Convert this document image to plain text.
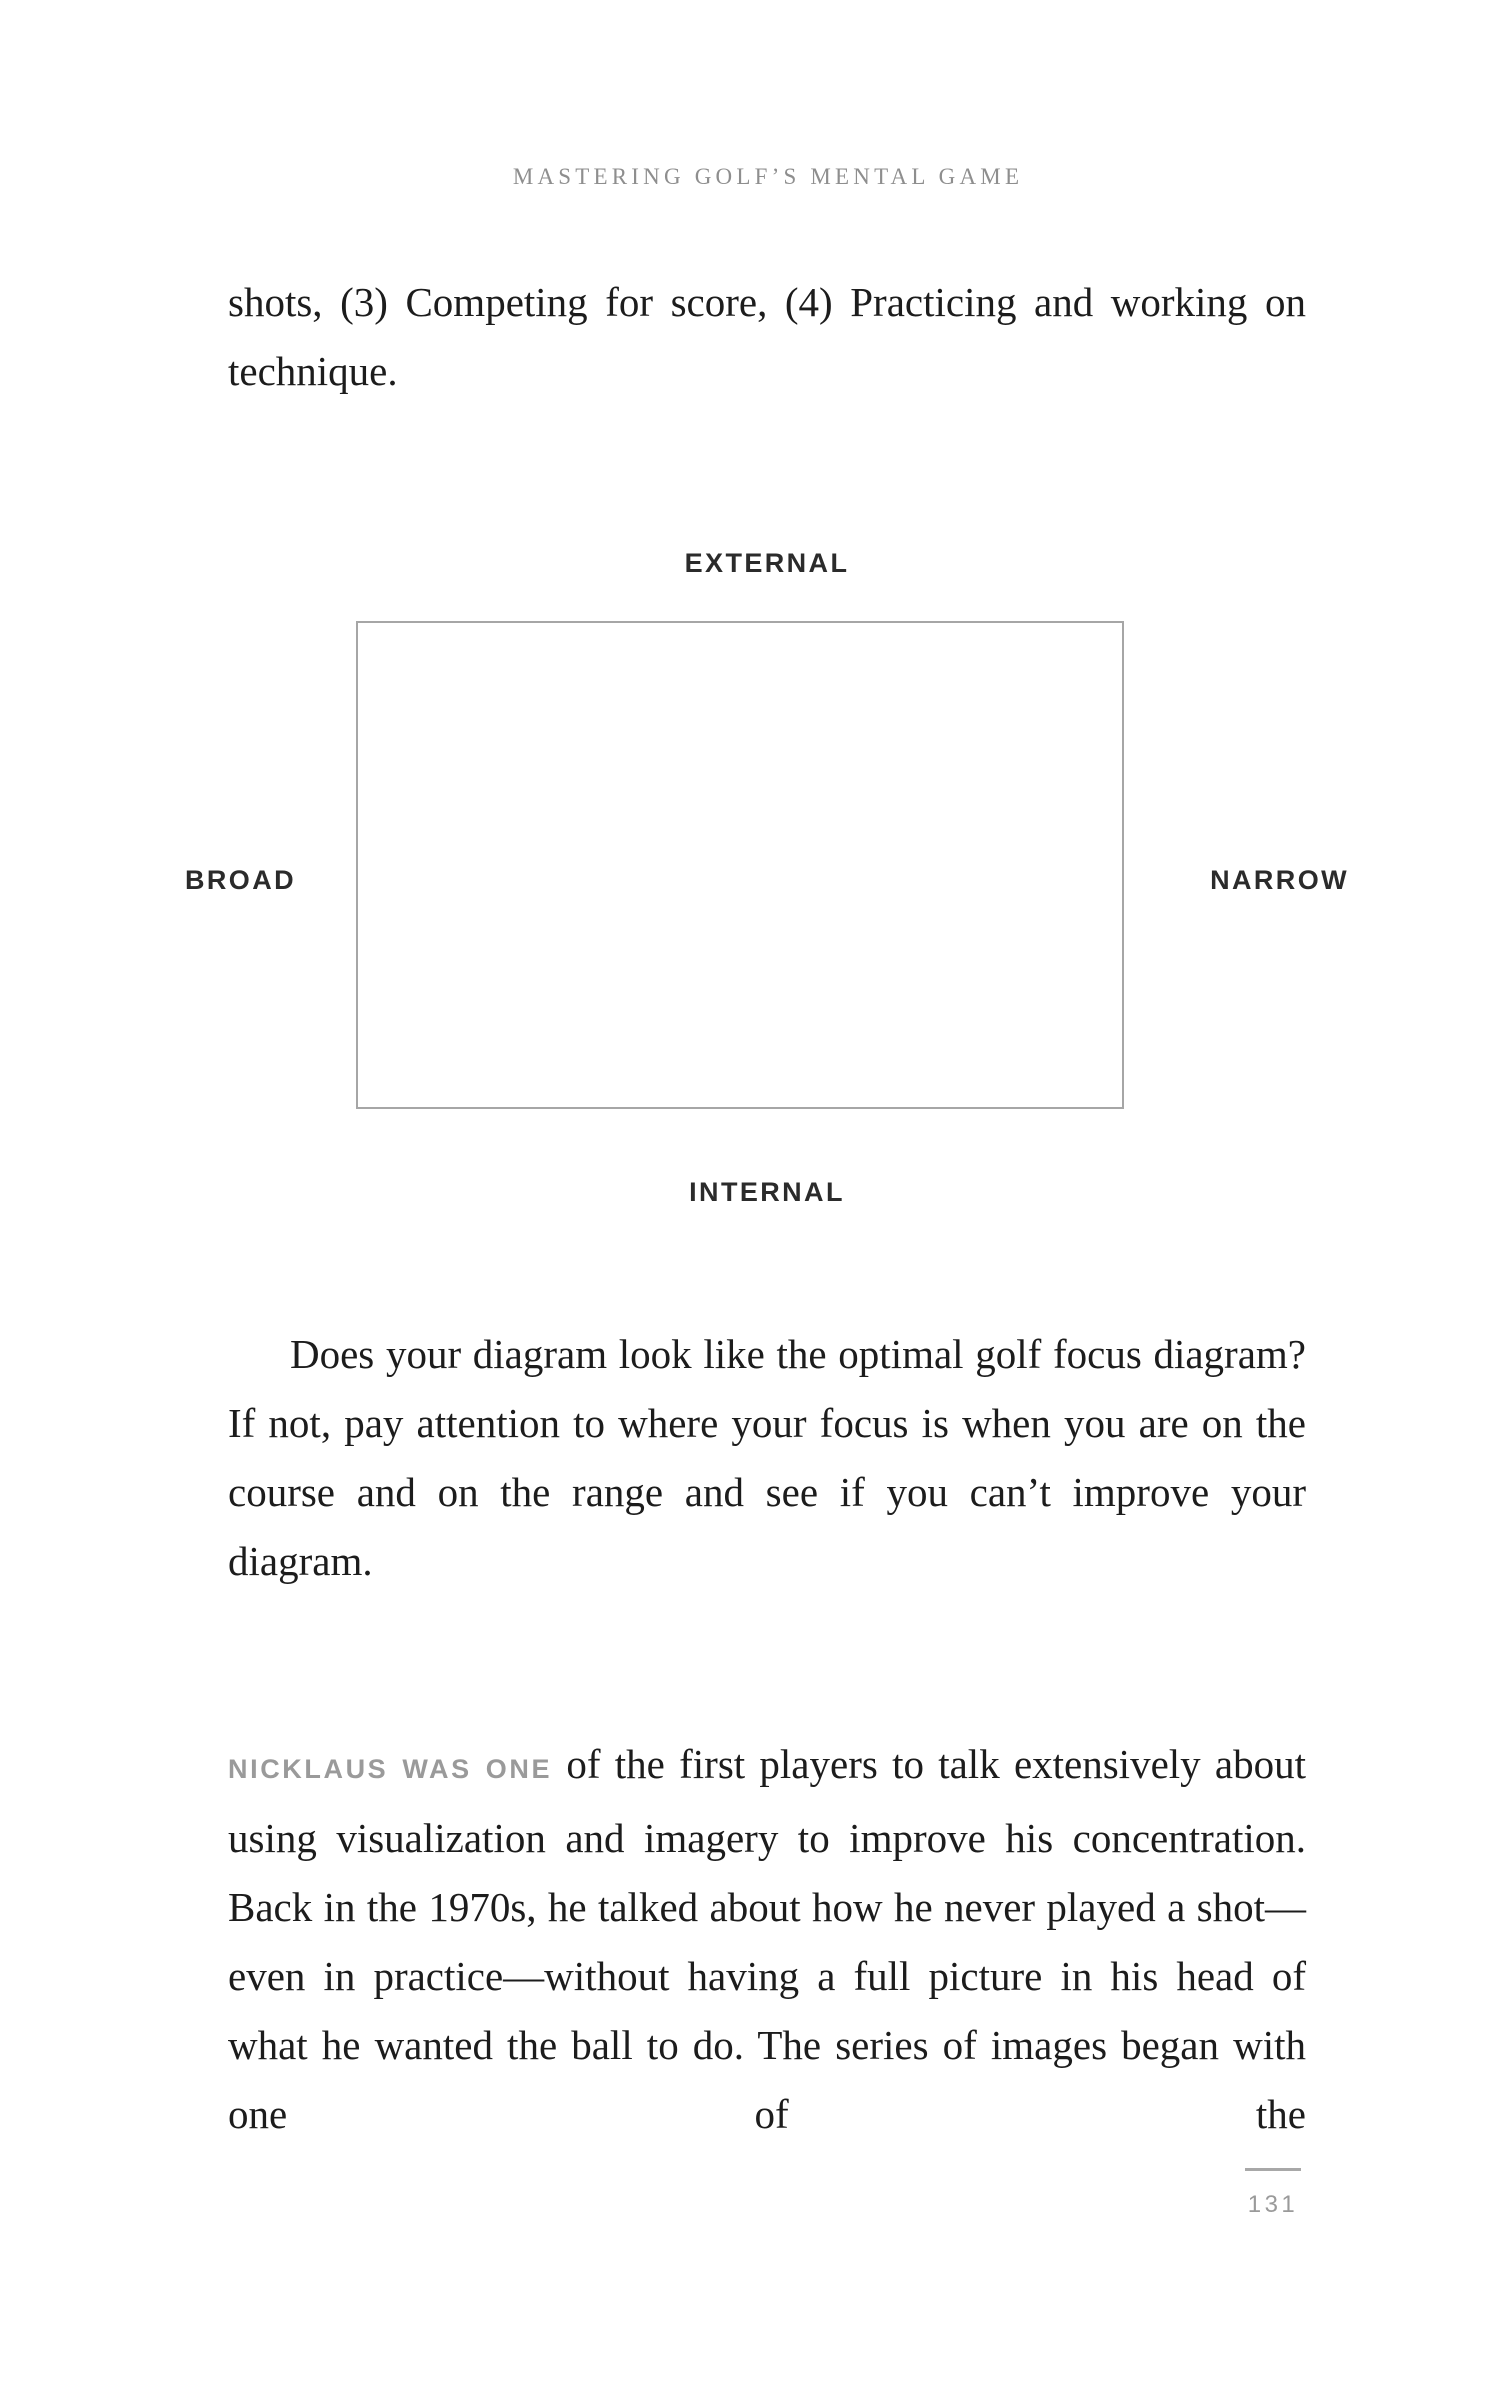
MASTERING GOLF’S MENTAL GAME

shots, (3) Competing for score, (4) Practicing and working on technique.

EXTERNAL
BROAD	NARROW
INTERNAL

Does your diagram look like the optimal golf focus diagram? If not, pay attention to where your focus is when you are on the course and on the range and see if you can’t improve your diagram.

NICKLAUS WAS ONE of the first players to talk extensively about using visualization and imagery to improve his concentration. Back in the 1970s, he talked about how he never played a shot—even in practice—without having a full picture in his head of what he wanted the ball to do. The series of images began with one of the

131
